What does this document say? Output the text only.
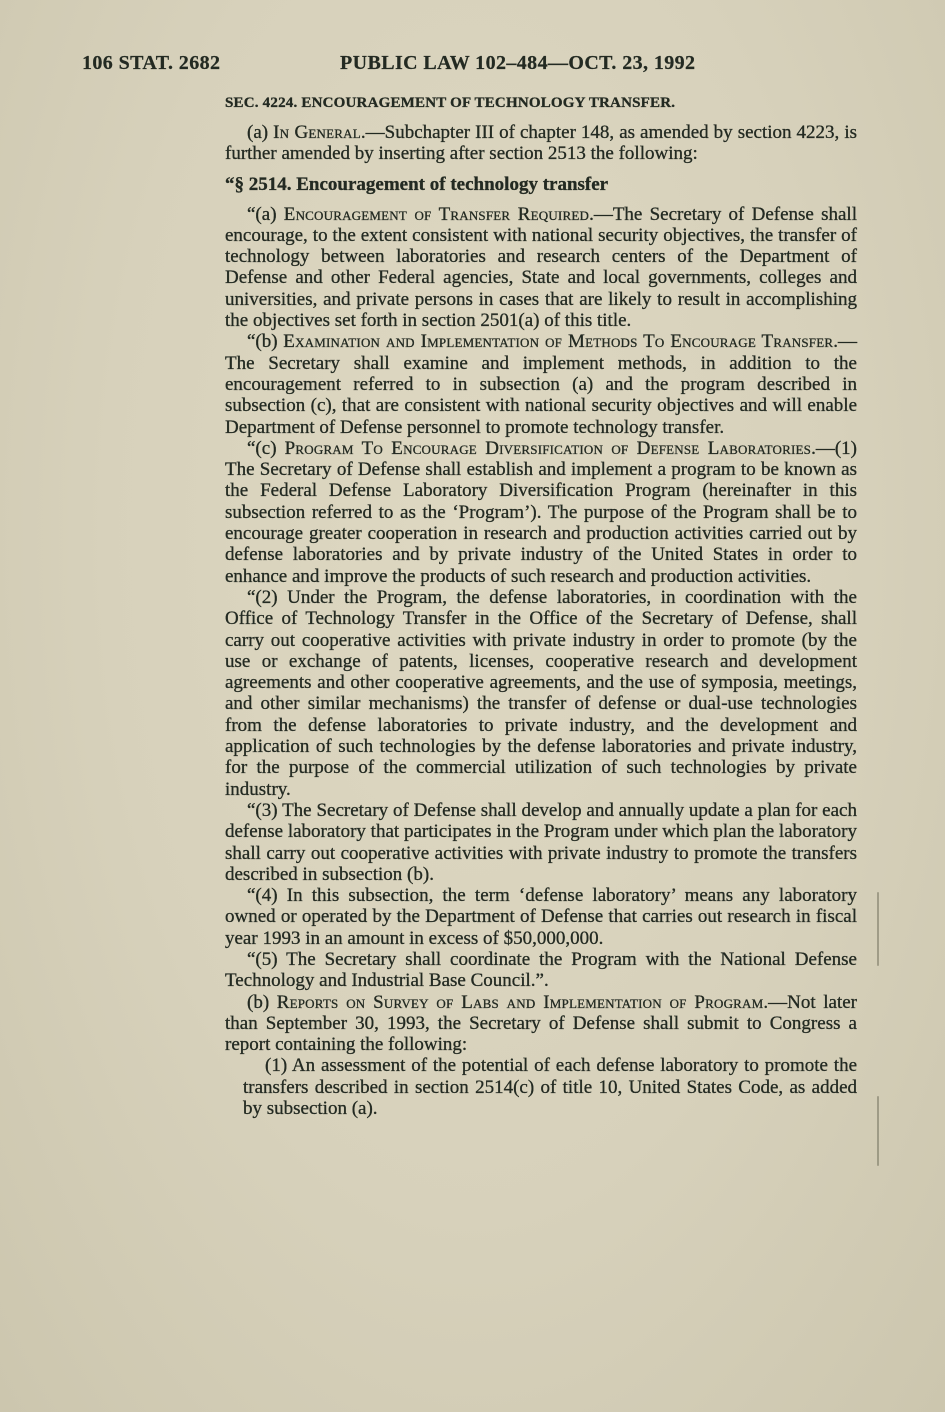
106 STAT. 2682	PUBLIC LAW 102–484—OCT. 23, 1992
SEC. 4224. ENCOURAGEMENT OF TECHNOLOGY TRANSFER.

(a) In General.—Subchapter III of chapter 148, as amended by section 4223, is further amended by inserting after section 2513 the following:

“§ 2514. Encouragement of technology transfer

“(a) Encouragement of Transfer Required.—The Secretary of Defense shall encourage, to the extent consistent with national security objectives, the transfer of technology between laboratories and research centers of the Department of Defense and other Federal agencies, State and local governments, colleges and universities, and private persons in cases that are likely to result in accomplishing the objectives set forth in section 2501(a) of this title.

“(b) Examination and Implementation of Methods To Encourage Transfer.—The Secretary shall examine and implement methods, in addition to the encouragement referred to in subsection (a) and the program described in subsection (c), that are consistent with national security objectives and will enable Department of Defense personnel to promote technology transfer.

“(c) Program To Encourage Diversification of Defense Laboratories.—(1) The Secretary of Defense shall establish and implement a program to be known as the Federal Defense Laboratory Diversification Program (hereinafter in this subsection referred to as the ‘Program’). The purpose of the Program shall be to encourage greater cooperation in research and production activities carried out by defense laboratories and by private industry of the United States in order to enhance and improve the products of such research and production activities.

“(2) Under the Program, the defense laboratories, in coordination with the Office of Technology Transfer in the Office of the Secretary of Defense, shall carry out cooperative activities with private industry in order to promote (by the use or exchange of patents, licenses, cooperative research and development agreements and other cooperative agreements, and the use of symposia, meetings, and other similar mechanisms) the transfer of defense or dual-use technologies from the defense laboratories to private industry, and the development and application of such technologies by the defense laboratories and private industry, for the purpose of the commercial utilization of such technologies by private industry.

“(3) The Secretary of Defense shall develop and annually update a plan for each defense laboratory that participates in the Program under which plan the laboratory shall carry out cooperative activities with private industry to promote the transfers described in subsection (b).

“(4) In this subsection, the term ‘defense laboratory’ means any laboratory owned or operated by the Department of Defense that carries out research in fiscal year 1993 in an amount in excess of $50,000,000.

“(5) The Secretary shall coordinate the Program with the National Defense Technology and Industrial Base Council.”.

(b) Reports on Survey of Labs and Implementation of Program.—Not later than September 30, 1993, the Secretary of Defense shall submit to Congress a report containing the following:

(1) An assessment of the potential of each defense laboratory to promote the transfers described in section 2514(c) of title 10, United States Code, as added by subsection (a).
